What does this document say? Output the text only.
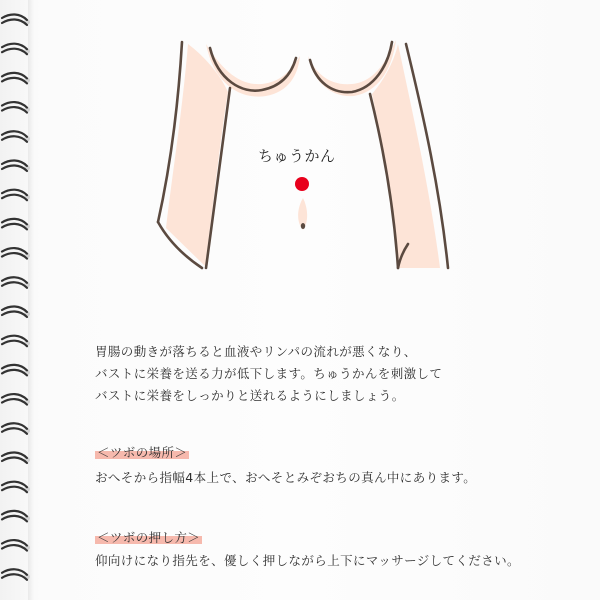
ちゅうかん
胃腸の動きが落ちると血液やリンパの流れが悪くなり、
バストに栄養を送る力が低下します。ちゅうかんを刺激して
バストに栄養をしっかりと送れるようにしましょう。
＜ツボの場所＞
おへそから指幅4本上で、おへそとみぞおちの真ん中にあります。
＜ツボの押し方＞
仰向けになり指先を、優しく押しながら上下にマッサージしてください。
